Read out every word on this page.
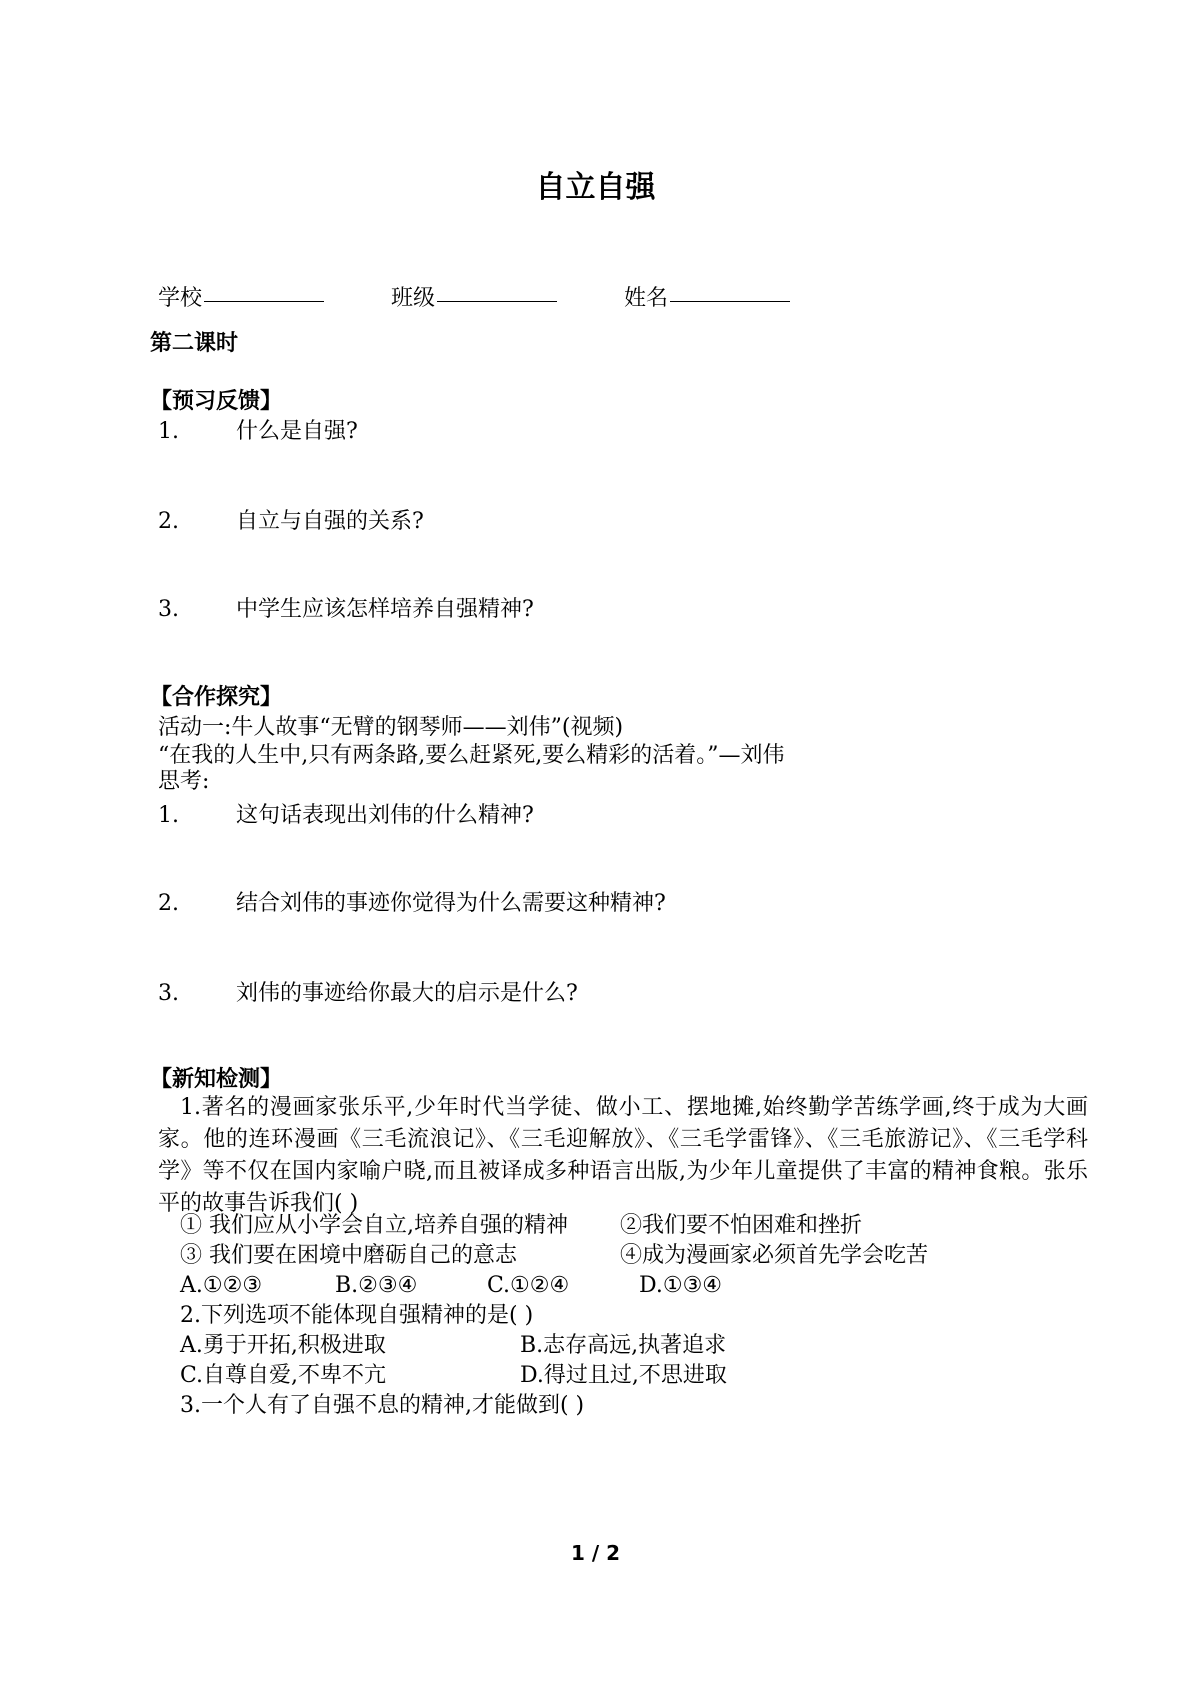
自立自强
学校	班级	姓名
第二课时
【预习反馈】
1.	什么是自强?
2.	自立与自强的关系?
3.	中学生应该怎样培养自强精神?
【合作探究】
活动一:牛人故事“无臂的钢琴师——刘伟”(视频)
“在我的人生中,只有两条路,要么赶紧死,要么精彩的活着。”—刘伟
思考:
1.	这句话表现出刘伟的什么精神?
2.	结合刘伟的事迹你觉得为什么需要这种精神?
3.	刘伟的事迹给你最大的启示是什么?
【新知检测】
1.著名的漫画家张乐平,少年时代当学徒、做小工、摆地摊,始终勤学苦练学画,终于成为大画家。他的连环漫画《三毛流浪记》、《三毛迎解放》、《三毛学雷锋》、《三毛旅游记》、《三毛学科学》等不仅在国内家喻户晓,而且被译成多种语言出版,为少年儿童提供了丰富的精神食粮。张乐平的故事告诉我们( )
① 我们应从小学会自立,培养自强的精神 ②我们要不怕困难和挫折
③ 我们要在困境中磨砺自己的意志	④成为漫画家必须首先学会吃苦
A.①②③	B.②③④	C.①②④	D.①③④
2.下列选项不能体现自强精神的是( )
A.勇于开拓,积极进取	B.志存高远,执著追求
C.自尊自爱,不卑不亢	D.得过且过,不思进取
3.一个人有了自强不息的精神,才能做到( )
1 / 2
